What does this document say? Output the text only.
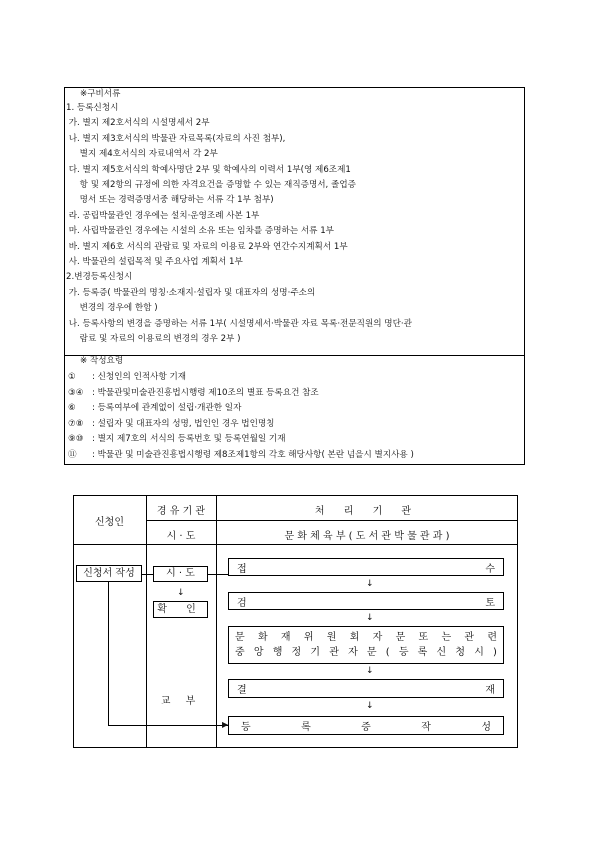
※구비서류
1. 등록신청시
가. 별지 제2호서식의 시설명세서 2부
나. 별지 제3호서식의 박물관 자료목록(자료의 사진 첨부),
별지 제4호서식의 자료내역서 각 2부
다. 별지 제5호서식의 학예사명단 2부 및 학예사의 이력서 1부(영 제6조제1
항 및 제2항의 규정에 의한 자격요건을 증명할 수 있는 재직증명서, 졸업증
명서 또는 경력증명서중 해당하는 서류 각 1부 첨부)
라. 공립박물관인 경우에는 설치·운영조례 사본 1부
마. 사립박물관인 경우에는 시설의 소유 또는 임차를 증명하는 서류 1부
바. 별지 제6호 서식의 관람료 및 자료의 이용료 2부와 연간수지계획서 1부
사. 박물관의 설립목적 및 주요사업 계획서 1부
2.변경등록신청시
가. 등록증( 박물관의 명칭·소재지·설립자 및 대표자의 성명·주소의
변경의 경우에 한함 )
나. 등록사항의 변경을 증명하는 서류 1부( 시설명세서·박물관 자료 목록·전문직원의 명단·관
람료 및 자료의 이용료의 변경의 경우 2부 )
※ 작성요령
① : 신청인의 인적사항 기재
③④ : 박물관및미술관진흥법시행령 제10조의 별표 등록요건 참조
⑥ : 등록여부에 관계없이 설립·개관한 일자
⑦⑧ : 설립자 및 대표자의 성명, 법인인 경우 법인명칭
⑨⑩ : 별지 제7호의 서식의 등록번호 및 등록연월일 기재
⑪ : 박물관 및 미술관진흥법시행령 제8조제1항의 각호 해당사항( 본란 넘을시 별지사용 )
신청인
경 유 기 관	처 리 기 관
시 · 도	문 화 체 육 부 ( 도 서 관 박 물 관 과 )
신청서 작성	시 · 도
↓
확 인
교 부
▶
접	수
↓
검	토
↓
문 화 재 위 원 회 자 문 또 는 관 련
중 앙 행 정 기 관 자 문 ( 등 록 신 청 시 )
↓
결	재
↓
등	록	증	작	성
